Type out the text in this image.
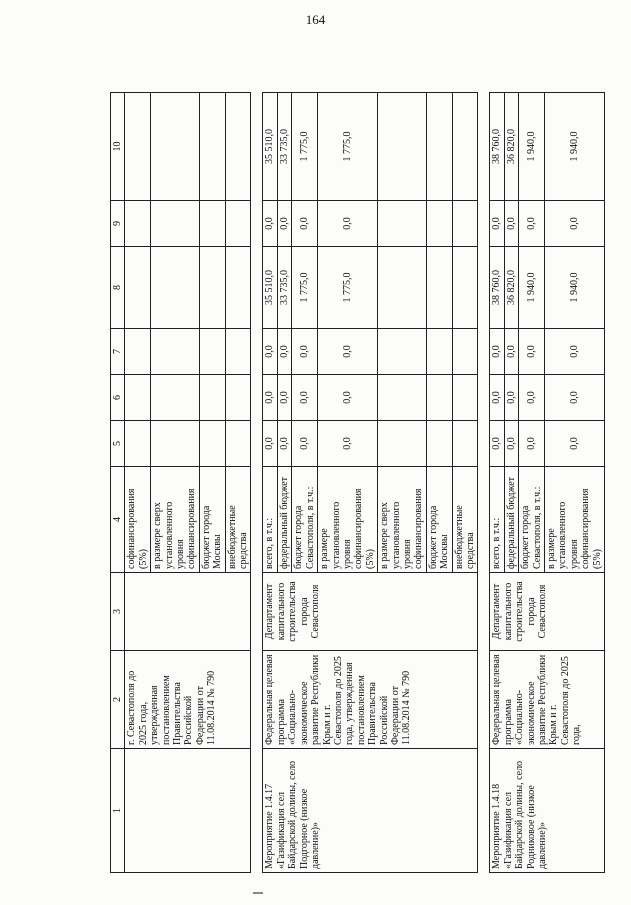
164
1	2	3	4	5	6	7	8	9	10
	г. Севастополя до 2025 года, утвержденная постановлением Правительства Российской Федерации от 11.08.2014 № 790		софинансирования (5%)						
			в размере сверх установленного уровня софинансирования						
			бюджет города Москвы						
			внебюджетные средства						

Мероприятие 1.4.17 «Газификация сел Байдарской долины, село Подгорное (низкое давление)»	Федеральная целевая программа «Социально-экономическое развитие Республики Крым и г. Севастополя до 2025 года, утвержденная постановлением Правительства Российской Федерации от 11.08.2014 № 790	Департамент капитального строительства города Севастополя	всего, в т.ч.:	0,0	0,0	0,0	35 510,0	0,0	35 510,0
			федеральный бюджет	0,0	0,0	0,0	33 735,0	0,0	33 735,0
			бюджет города Севастополя, в т.ч.:	0,0	0,0	0,0	1 775,0	0,0	1 775,0
			в размере установленного уровня софинансирования (5%)	0,0	0,0	0,0	1 775,0	0,0	1 775,0
			в размере сверх установленного уровня софинансирования						
			бюджет города Москвы						
			внебюджетные средства						

Мероприятие 1.4.18 «Газификация сел Байдарской долины, село Родниковое (низкое давление)»	Федеральная целевая программа «Социально-экономическое развитие Республики Крым и г. Севастополя до 2025 года,	Департамент капитального строительства города Севастополя	всего, в т.ч.:	0,0	0,0	0,0	38 760,0	0,0	38 760,0
			федеральный бюджет	0,0	0,0	0,0	36 820,0	0,0	36 820,0
			бюджет города Севастополя, в т.ч.:	0,0	0,0	0,0	1 940,0	0,0	1 940,0
			в размере установленного уровня софинансирования (5%)	0,0	0,0	0,0	1 940,0	0,0	1 940,0
